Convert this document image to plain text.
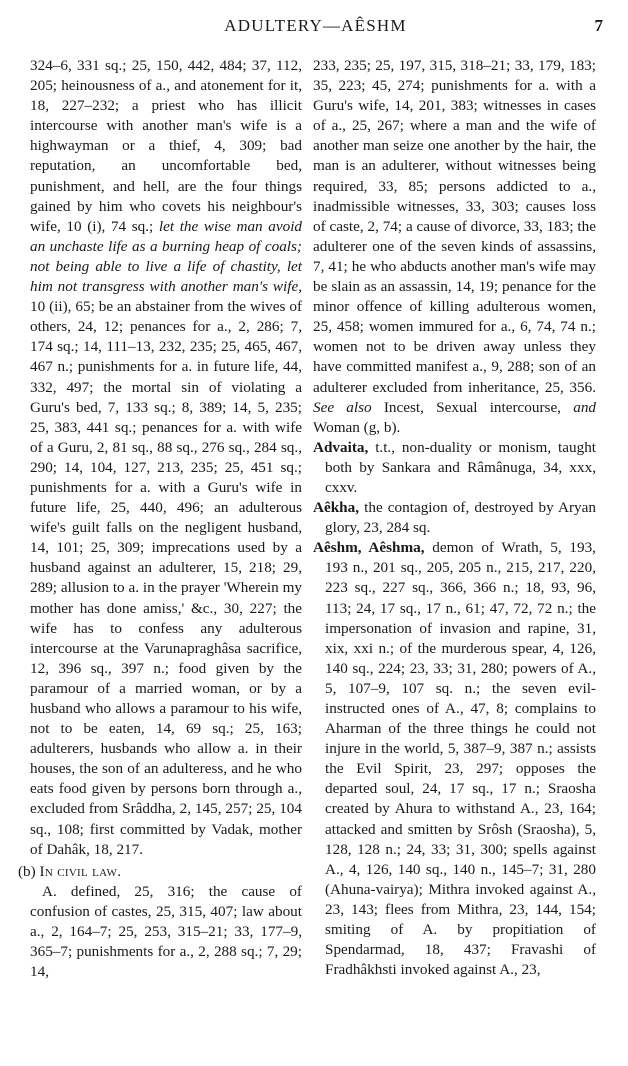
ADULTERY—AÊSHM	7

324–6, 331 sq.; 25, 150, 442, 484; 37, 112, 205; heinousness of a., and atonement for it, 18, 227–232; a priest who has illicit intercourse with another man's wife is a highwayman or a thief, 4, 309; bad reputation, an uncomfortable bed, punishment, and hell, are the four things gained by him who covets his neighbour's wife, 10 (i), 74 sq.; let the wise man avoid an unchaste life as a burning heap of coals; not being able to live a life of chastity, let him not transgress with another man's wife, 10 (ii), 65; be an abstainer from the wives of others, 24, 12; penances for a., 2, 286; 7, 174 sq.; 14, 111–13, 232, 235; 25, 465, 467, 467 n.; punishments for a. in future life, 44, 332, 497; the mortal sin of violating a Guru's bed, 7, 133 sq.; 8, 389; 14, 5, 235; 25, 383, 441 sq.; penances for a. with wife of a Guru, 2, 81 sq., 88 sq., 276 sq., 284 sq., 290; 14, 104, 127, 213, 235; 25, 451 sq.; punishments for a. with a Guru's wife in future life, 25, 440, 496; an adulterous wife's guilt falls on the negligent husband, 14, 101; 25, 309; imprecations used by a husband against an adulterer, 15, 218; 29, 289; allusion to a. in the prayer 'Wherein my mother has done amiss,' &c., 30, 227; the wife has to confess any adulterous intercourse at the Varunapraghâsa sacrifice, 12, 396 sq., 397 n.; food given by the paramour of a married woman, or by a husband who allows a paramour to his wife, not to be eaten, 14, 69 sq.; 25, 163; adulterers, husbands who allow a. in their houses, the son of an adulteress, and he who eats food given by persons born through a., excluded from Srâddha, 2, 145, 257; 25, 104 sq., 108; first committed by Vadak, mother of Dahâk, 18, 217.

(b) In civil law.

A. defined, 25, 316; the cause of confusion of castes, 25, 315, 407; law about a., 2, 164–7; 25, 253, 315–21; 33, 177–9, 365–7; punishments for a., 2, 288 sq.; 7, 29; 14,

233, 235; 25, 197, 315, 318–21; 33, 179, 183; 35, 223; 45, 274; punishments for a. with a Guru's wife, 14, 201, 383; witnesses in cases of a., 25, 267; where a man and the wife of another man seize one another by the hair, the man is an adulterer, without witnesses being required, 33, 85; persons addicted to a., inadmissible witnesses, 33, 303; causes loss of caste, 2, 74; a cause of divorce, 33, 183; the adulterer one of the seven kinds of assassins, 7, 41; he who abducts another man's wife may be slain as an assassin, 14, 19; penance for the minor offence of killing adulterous women, 25, 458; women immured for a., 6, 74, 74 n.; women not to be driven away unless they have committed manifest a., 9, 288; son of an adulterer excluded from inheritance, 25, 356. See also Incest, Sexual intercourse, and Woman (g, b).

Advaita, t.t., non-duality or monism, taught both by Sankara and Râmânuga, 34, xxx, cxxv.

Aêkha, the contagion of, destroyed by Aryan glory, 23, 284 sq.

Aêshm, Aêshma, demon of Wrath, 5, 193, 193 n., 201 sq., 205, 205 n., 215, 217, 220, 223 sq., 227 sq., 366, 366 n.; 18, 93, 96, 113; 24, 17 sq., 17 n., 61; 47, 72, 72 n.; the impersonation of invasion and rapine, 31, xix, xxi n.; of the murderous spear, 4, 126, 140 sq., 224; 23, 33; 31, 280; powers of A., 5, 107–9, 107 sq. n.; the seven evil-instructed ones of A., 47, 8; complains to Aharman of the three things he could not injure in the world, 5, 387–9, 387 n.; assists the Evil Spirit, 23, 297; opposes the departed soul, 24, 17 sq., 17 n.; Sraosha created by Ahura to withstand A., 23, 164; attacked and smitten by Srôsh (Sraosha), 5, 128, 128 n.; 24, 33; 31, 300; spells against A., 4, 126, 140 sq., 140 n., 145–7; 31, 280 (Ahuna-vairya); Mithra invoked against A., 23, 143; flees from Mithra, 23, 144, 154; smiting of A. by propitiation of Spendarmad, 18, 437; Fravashi of Fradhâkhsti invoked against A., 23,
